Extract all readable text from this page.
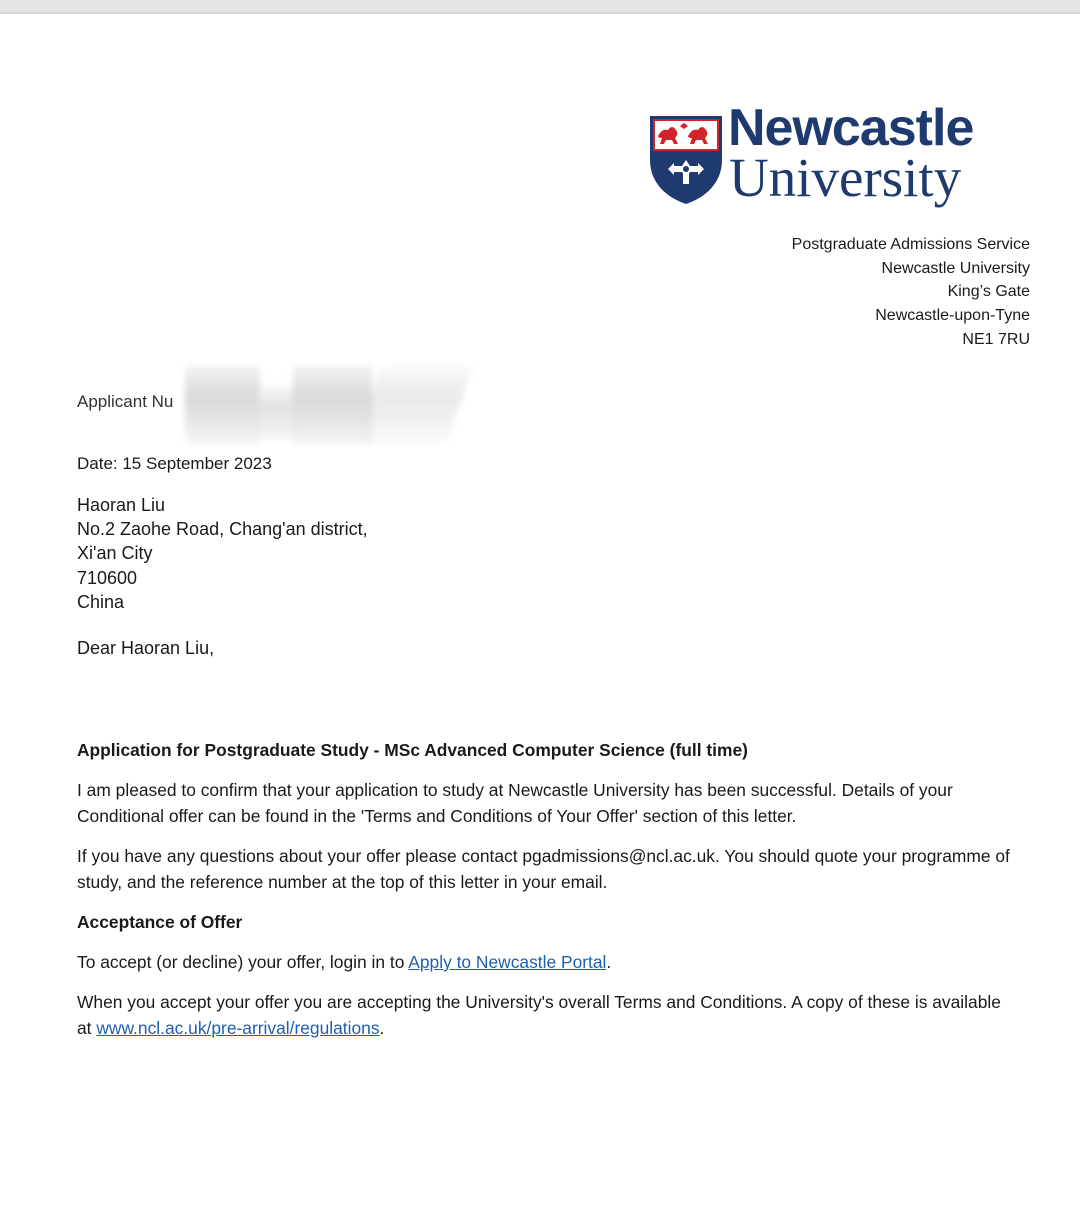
Newcastle
University
Postgraduate Admissions Service
Newcastle University
King’s Gate
Newcastle-upon-Tyne
NE1 7RU
Applicant Nu
Date: 15 September 2023
Haoran Liu
No.2 Zaohe Road, Chang'an district,
Xi'an City
710600
China
Dear Haoran Liu,

Application for Postgraduate Study - MSc Advanced Computer Science (full time)

I am pleased to confirm that your application to study at Newcastle University has been successful. Details of your Conditional offer can be found in the 'Terms and Conditions of Your Offer' section of this letter.

If you have any questions about your offer please contact pgadmissions@ncl.ac.uk. You should quote your programme of study, and the reference number at the top of this letter in your email.

Acceptance of Offer

To accept (or decline) your offer, login in to Apply to Newcastle Portal.

When you accept your offer you are accepting the University's overall Terms and Conditions. A copy of these is available at www.ncl.ac.uk/pre-arrival/regulations.
